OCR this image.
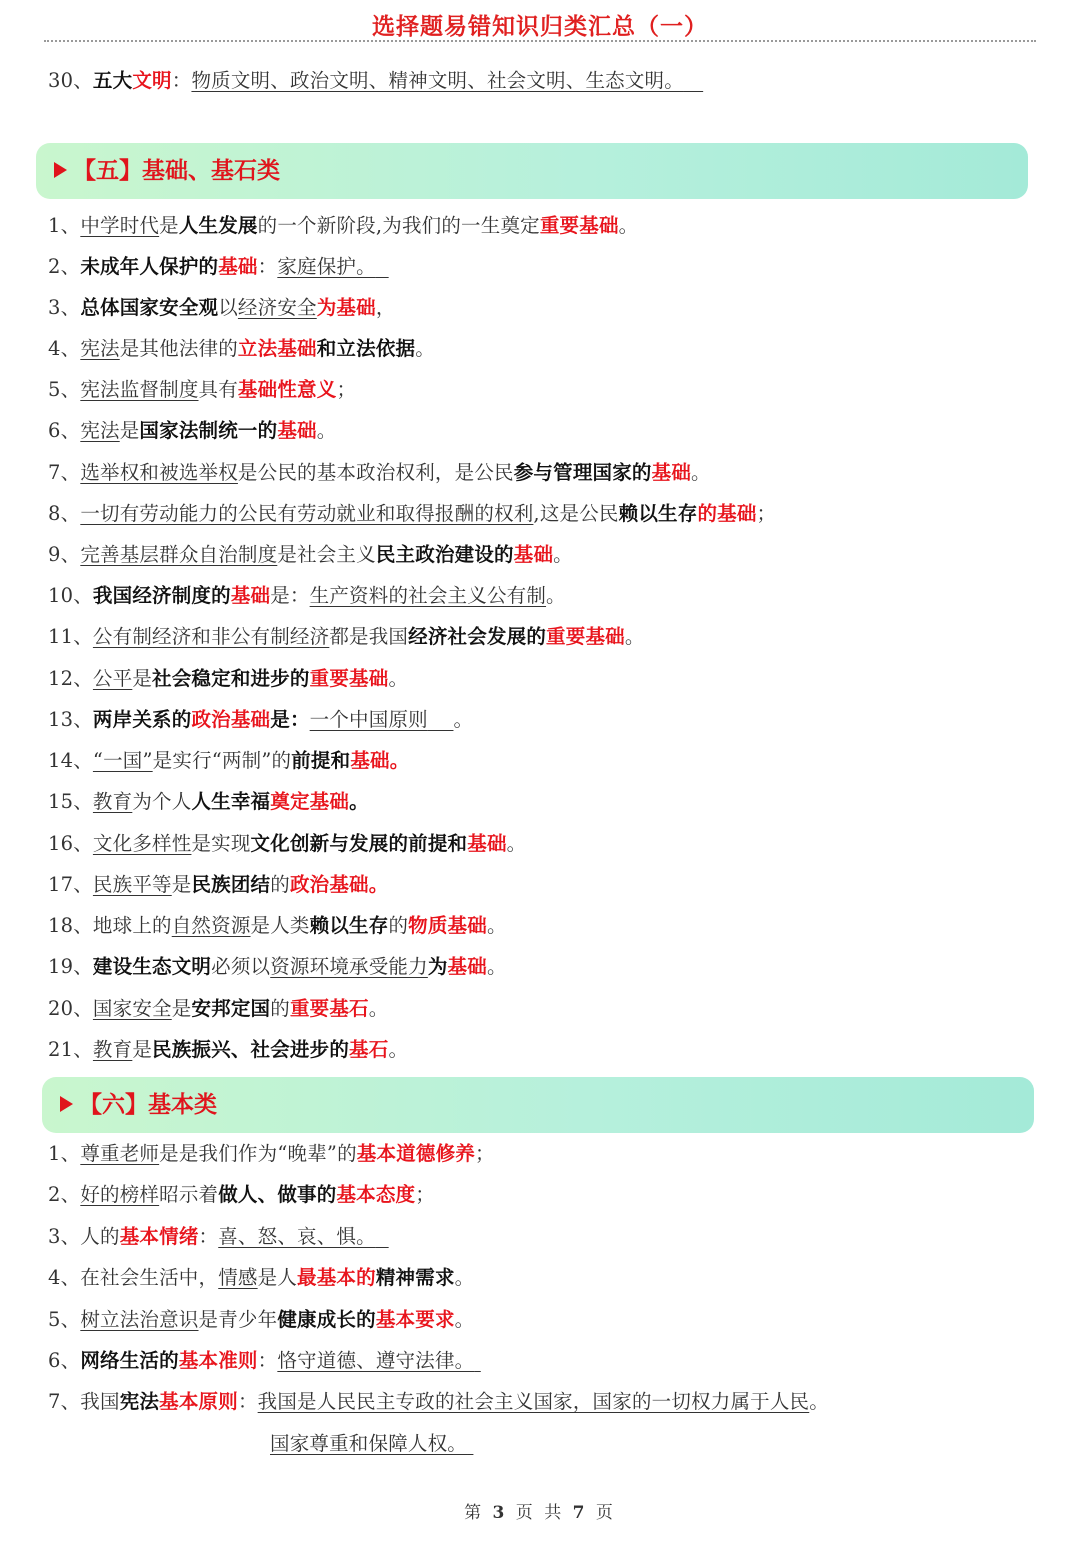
选择题易错知识归类汇总（一）
30、五大文明：物质文明、政治文明、精神文明、社会文明、生态文明。
【五】基础、基石类
1、中学时代是人生发展的一个新阶段,为我们的一生奠定重要基础。
2、未成年人保护的基础：家庭保护。
3、总体国家安全观以经济安全为基础，
4、宪法是其他法律的立法基础和立法依据。
5、宪法监督制度具有基础性意义；
6、宪法是国家法制统一的基础。
7、选举权和被选举权是公民的基本政治权利，是公民参与管理国家的基础。
8、一切有劳动能力的公民有劳动就业和取得报酬的权利,这是公民赖以生存的基础；
9、完善基层群众自治制度是社会主义民主政治建设的基础。
10、我国经济制度的基础是：生产资料的社会主义公有制。
11、公有制经济和非公有制经济都是我国经济社会发展的重要基础。
12、公平是社会稳定和进步的重要基础。
13、两岸关系的政治基础是：一个中国原则 。
14、“一国”是实行“两制”的前提和基础。
15、教育为个人人生幸福奠定基础。
16、文化多样性是实现文化创新与发展的前提和基础。
17、民族平等是民族团结的政治基础。
18、地球上的自然资源是人类赖以生存的物质基础。
19、建设生态文明必须以资源环境承受能力为基础。
20、国家安全是安邦定国的重要基石。
21、教育是民族振兴、社会进步的基石。
【六】基本类
1、尊重老师是是我们作为“晚辈”的基本道德修养；
2、好的榜样昭示着做人、做事的基本态度；
3、人的基本情绪：喜、怒、哀、惧。
4、在社会生活中，情感是人最基本的精神需求。
5、树立法治意识是青少年健康成长的基本要求。
6、网络生活的基本准则：恪守道德、遵守法律。
7、我国宪法基本原则：我国是人民民主专政的社会主义国家，国家的一切权力属于人民。
国家尊重和保障人权。
第 3 页 共 7 页
